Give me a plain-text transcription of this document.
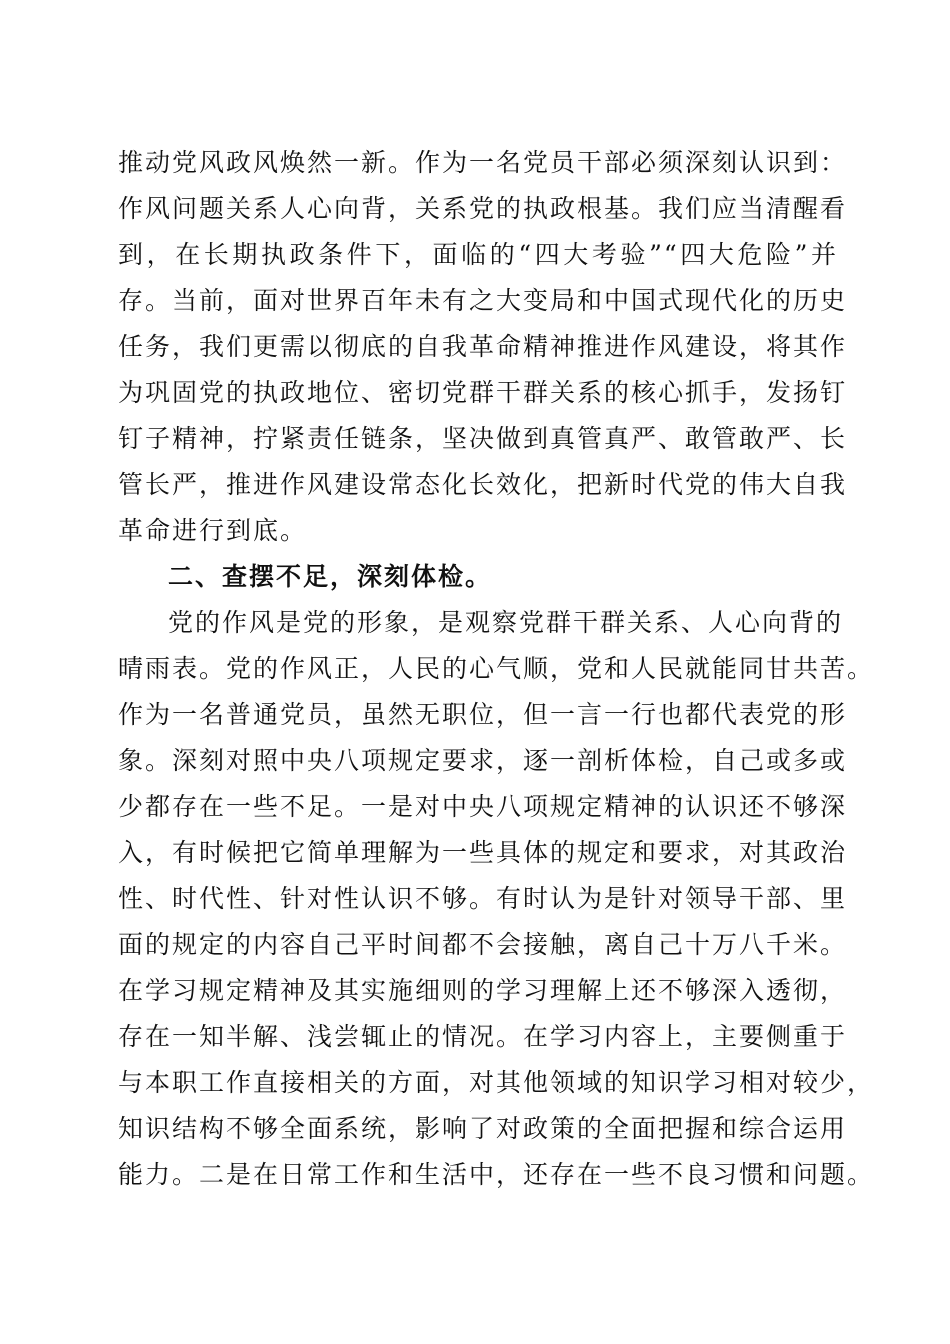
推动党风政风焕然一新。作为一名党员干部必须深刻认识到：
作风问题关系人心向背，关系党的执政根基。我们应当清醒看
到，在长期执政条件下，面临的“四大考验”“四大危险”并
存。当前，面对世界百年未有之大变局和中国式现代化的历史
任务，我们更需以彻底的自我革命精神推进作风建设，将其作
为巩固党的执政地位、密切党群干群关系的核心抓手，发扬钉
钉子精神，拧紧责任链条，坚决做到真管真严、敢管敢严、长
管长严，推进作风建设常态化长效化，把新时代党的伟大自我
革命进行到底。
二、查摆不足，深刻体检。
党的作风是党的形象，是观察党群干群关系、人心向背的
晴雨表。党的作风正，人民的心气顺，党和人民就能同甘共苦。
作为一名普通党员，虽然无职位，但一言一行也都代表党的形
象。深刻对照中央八项规定要求，逐一剖析体检，自己或多或
少都存在一些不足。一是对中央八项规定精神的认识还不够深
入，有时候把它简单理解为一些具体的规定和要求，对其政治
性、时代性、针对性认识不够。有时认为是针对领导干部、里
面的规定的内容自己平时间都不会接触，离自己十万八千米。
在学习规定精神及其实施细则的学习理解上还不够深入透彻，
存在一知半解、浅尝辄止的情况。在学习内容上，主要侧重于
与本职工作直接相关的方面，对其他领域的知识学习相对较少，
知识结构不够全面系统，影响了对政策的全面把握和综合运用
能力。二是在日常工作和生活中，还存在一些不良习惯和问题。
